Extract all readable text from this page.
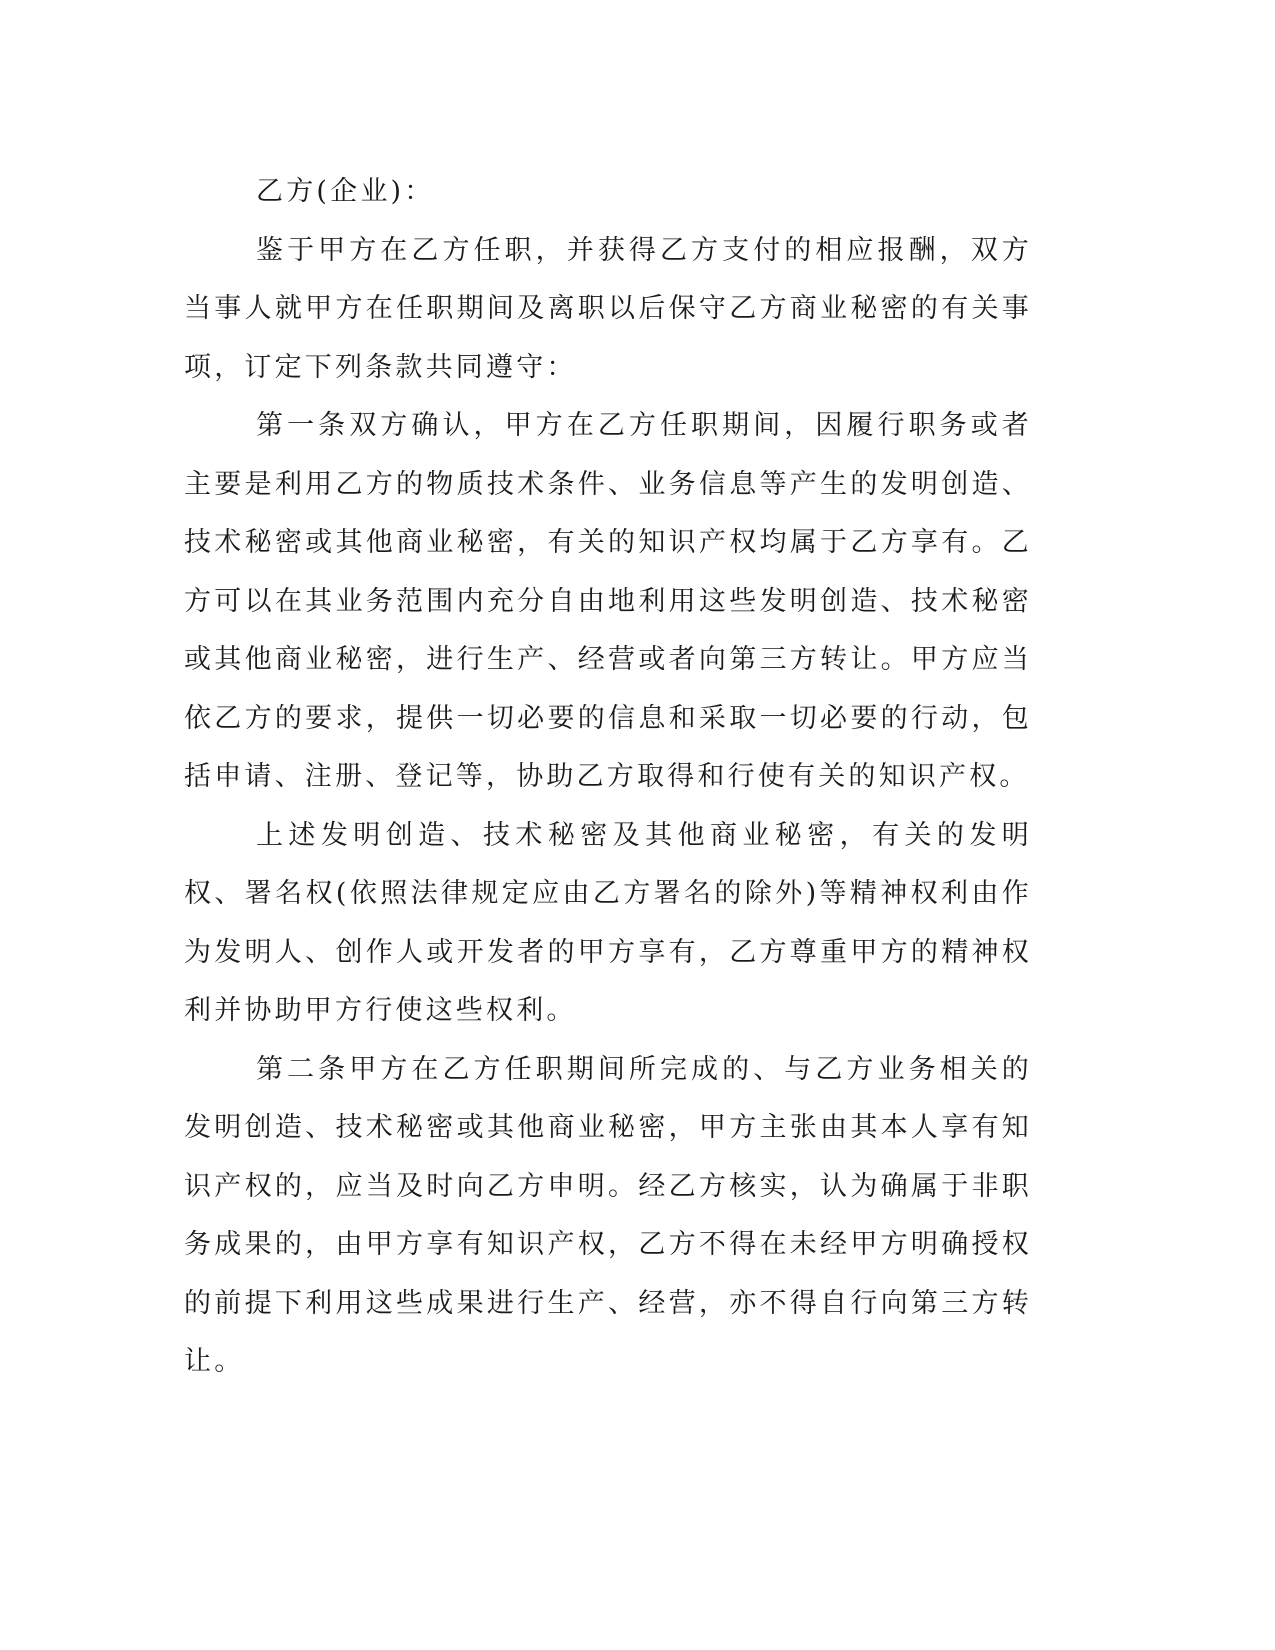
乙方(企业)：

鉴于甲方在乙方任职，并获得乙方支付的相应报酬，双方当事人就甲方在任职期间及离职以后保守乙方商业秘密的有关事项，订定下列条款共同遵守：

第一条双方确认，甲方在乙方任职期间，因履行职务或者主要是利用乙方的物质技术条件、业务信息等产生的发明创造、技术秘密或其他商业秘密，有关的知识产权均属于乙方享有。乙方可以在其业务范围内充分自由地利用这些发明创造、技术秘密或其他商业秘密，进行生产、经营或者向第三方转让。甲方应当依乙方的要求，提供一切必要的信息和采取一切必要的行动，包括申请、注册、登记等，协助乙方取得和行使有关的知识产权。

上述发明创造、技术秘密及其他商业秘密，有关的发明权、署名权(依照法律规定应由乙方署名的除外)等精神权利由作为发明人、创作人或开发者的甲方享有，乙方尊重甲方的精神权利并协助甲方行使这些权利。

第二条甲方在乙方任职期间所完成的、与乙方业务相关的发明创造、技术秘密或其他商业秘密，甲方主张由其本人享有知识产权的，应当及时向乙方申明。经乙方核实，认为确属于非职务成果的，由甲方享有知识产权，乙方不得在未经甲方明确授权的前提下利用这些成果进行生产、经营，亦不得自行向第三方转让。
